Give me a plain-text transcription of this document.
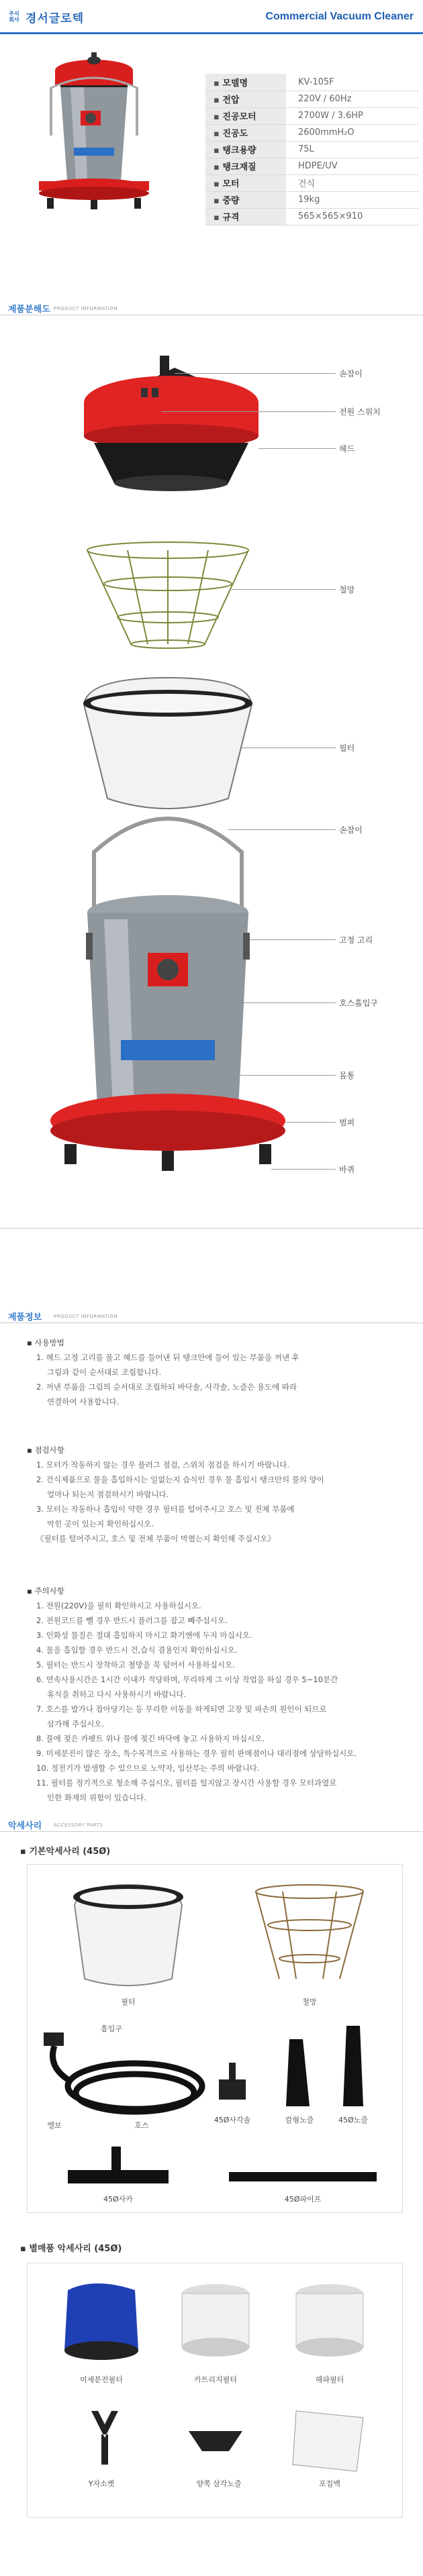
주식
회사 경서글로텍	Commercial Vacuum Cleaner
▪ 모델명	KV-105F
▪ 전압	220V / 60Hz
▪ 진공모터	2700W / 3.6HP
▪ 진공도	2600mmH₂O
▪ 탱크용량	75L
▪ 탱크재질	HDPE/UV
▪ 모터	건식
▪ 중량	19kg
▪ 규격	565×565×910
제품분해도 PRODUCT INFORMATION
손잡이
전원 스위치
헤드
철망
필터
손잡이
고정 고리
호스흡입구
몸통
범퍼
바퀴
제품정보	PRODUCT INFORMATION
▪ 사용방법
1. 헤드 고정 고리를 풀고 헤드를 들어낸 뒤 탱크안에 들어 있는 부품을 꺼낸 후
그림과 같이 순서대로 조립합니다.
2. 꺼낸 부품을 그림의 순서대로 조립하되 바닥솔, 사각솔, 노즐은 용도에 따라
연결하여 사용합니다.
▪ 점검사항
1. 모터가 작동하지 않는 경우 플러그 점검, 스위치 점검을 하시기 바랍니다.
2. 건식제품으로 물을 흡입하시는 일없는지 습식인 경우 물 흡입시 탱크안의 물의 양이
얼마나 되는지 점검하시기 바랍니다.
3. 모터는 작동하나 흡입이 약한 경우 필터를 털어주시고 호스 및 전체 부품에
막힌 곳이 있는지 확인하십시오.
《필터를 털어주시고, 호스 및 전체 부품이 막혔는지 확인해 주십시오》
▪ 주의사항
1. 전원(220V)을 필히 확인하시고 사용하십시오.
2. 전원코드를 뺄 경우 반드시 플러그를 잡고 빼주십시오.
3. 인화성 물질은 절대 흡입하지 마시고 화기엔에 두지 마십시오.
4. 물을 흡입할 경우 반드시 건,습식 겸용인지 확인하십시오.
5. 필터는 반드시 장착하고 철망을 꼭 덮어서 사용하십시오.
6. 연속사용시간은 1시간 이내가 적당하며, 무리하게 그 이상 작업을 하실 경우 5~10분간
휴식을 취하고 다시 사용하시기 바랍니다.
7. 호스를 발가나 잡아당기는 등 무리한 이동을 하게되면 고장 및 파손의 원인이 되므로
삼가해 주십시오.
8. 물에 젖은 카펫트 위나 물에 젖긴 바닥에 놓고 사용하지 마십시오.
9. 미세분진이 많은 장소, 특수목적으로 사용하는 경우 필히 판매점이나 대리점에 상담하십시오.
10. 정전기가 발생할 수 있으므로 노약자, 임산부는 주의 바랍니다.
11. 필터를 정기적으로 청소해 주십시오, 필터를 털지않고 장시간 사용할 경우 모터과열로
인한 화재의 위험이 있습니다.
악세사리	ACCESSORY PARTS
▪ 기본악세사리 (45Ø)
필터	철망
흡입구
엘보	호스
45Ø사각솔	칼형노즐	45Ø노즐
45Ø사카	45Ø파이프
▪ 별매품 악세사리 (45Ø)
미세분진필터	카트리지필터	헤파필터
Y자소켓	양쪽 삼각노즐	포집백
